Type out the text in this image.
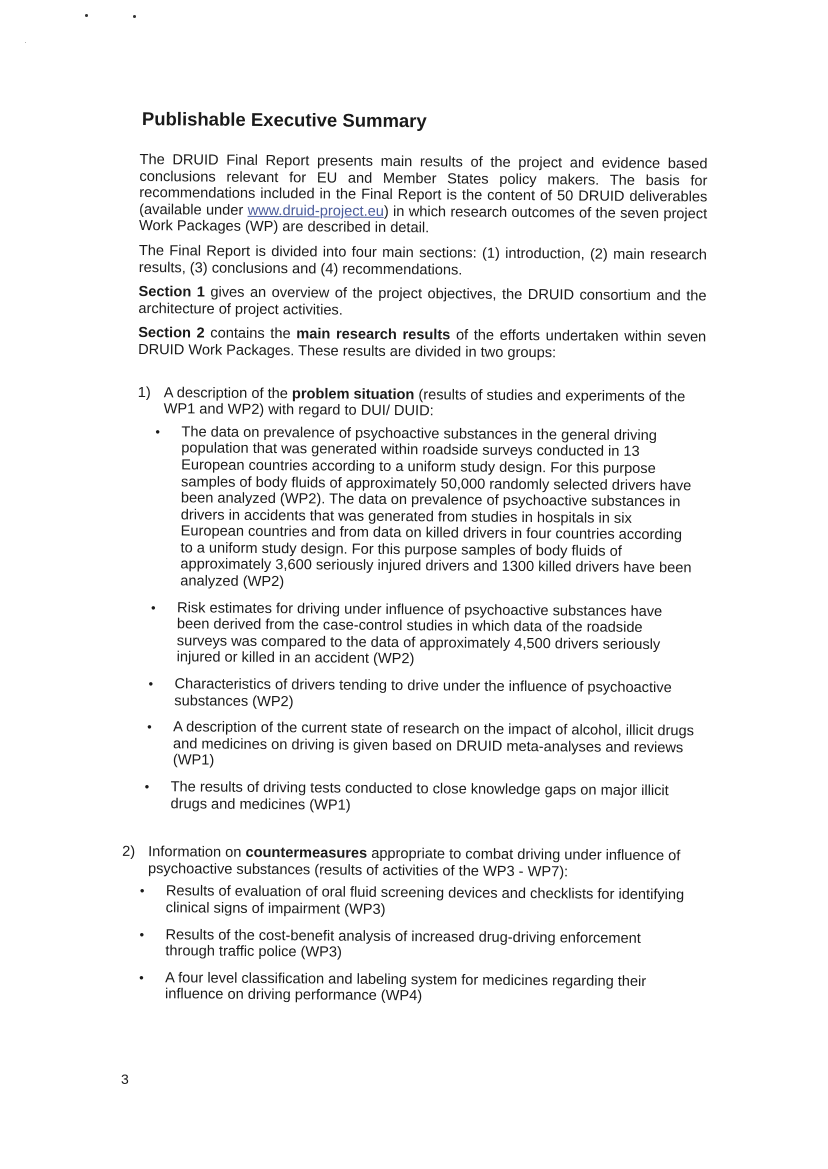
Publishable Executive Summary

The DRUID Final Report presents main results of the project and evidence based conclusions relevant for EU and Member States policy makers. The basis for recommendations included in the Final Report is the content of 50 DRUID deliverables (available under www.druid-project.eu) in which research outcomes of the seven project Work Packages (WP) are described in detail.

The Final Report is divided into four main sections: (1) introduction, (2) main research results, (3) conclusions and (4) recommendations.

Section 1 gives an overview of the project objectives, the DRUID consortium and the architecture of project activities.

Section 2 contains the main research results of the efforts undertaken within seven DRUID Work Packages. These results are divided in two groups:

1) A description of the problem situation (results of studies and experiments of the WP1 and WP2) with regard to DUI/ DUID:
•	The data on prevalence of psychoactive substances in the general driving population that was generated within roadside surveys conducted in 13 European countries according to a uniform study design. For this purpose samples of body fluids of approximately 50,000 randomly selected drivers have been analyzed (WP2). The data on prevalence of psychoactive substances in drivers in accidents that was generated from studies in hospitals in six European countries and from data on killed drivers in four countries according to a uniform study design. For this purpose samples of body fluids of approximately 3,600 seriously injured drivers and 1300 killed drivers have been analyzed (WP2)
•	Risk estimates for driving under influence of psychoactive substances have been derived from the case-control studies in which data of the roadside surveys was compared to the data of approximately 4,500 drivers seriously injured or killed in an accident (WP2)
•	Characteristics of drivers tending to drive under the influence of psychoactive substances (WP2)
•	A description of the current state of research on the impact of alcohol, illicit drugs and medicines on driving is given based on DRUID meta-analyses and reviews (WP1)
•	The results of driving tests conducted to close knowledge gaps on major illicit drugs and medicines (WP1)
2) Information on countermeasures appropriate to combat driving under influence of psychoactive substances (results of activities of the WP3 - WP7):
•	Results of evaluation of oral fluid screening devices and checklists for identifying clinical signs of impairment (WP3)
•	Results of the cost-benefit analysis of increased drug-driving enforcement through traffic police (WP3)
•	A four level classification and labeling system for medicines regarding their influence on driving performance (WP4)
3
